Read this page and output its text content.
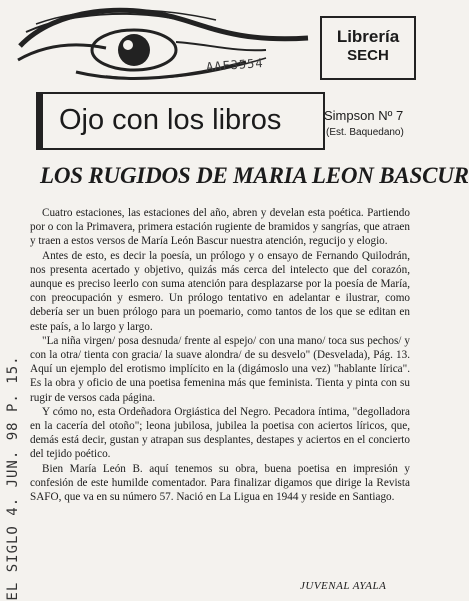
AAF3554
Librería
SECH
Simpson Nº 7
(Est. Baquedano)
Ojo con los libros
LOS RUGIDOS DE MARIA LEON BASCUR

Cuatro estaciones, las estaciones del año, abren y develan esta poética. Partiendo por o con la Primavera, primera estación rugiente de bramidos y sangrías, que atraen y traen a estos versos de María León Bascur nuestra atención, regucijo y elogio.

Antes de esto, es decir la poesía, un prólogo y o ensayo de Fernando Quilodrán, nos presenta acertado y objetivo, quizás más cerca del intelecto que del corazón, aunque es preciso leerlo con suma atención para desplazarse por la poesía de María, con preocupación y esmero. Un prólogo tentativo en adelantar e ilustrar, como debería ser un buen prólogo para un poemario, como tantos de los que se editan en este país, a lo largo y largo.

"La niña virgen/ posa desnuda/ frente al espejo/ con una mano/ toca sus pechos/ y con la otra/ tienta con gracia/ la suave alondra/ de su desvelo" (Desvelada), Pág. 13. Aquí un ejemplo del erotismo implícito en la (digámoslo una vez) "hablante lírica". Es la obra y oficio de una poetisa femenina más que feminista. Tienta y pinta con su rugir de versos cada página.

Y cómo no, esta Ordeñadora Orgiástica del Negro. Pecadora íntima, "degolladora en la cacería del otoño"; leona jubilosa, jubilea la poetisa con aciertos líricos, que, demás está decir, gustan y atrapan sus desplantes, destapes y aciertos en el concierto del tejido poético.

Bien María León B. aquí tenemos su obra, buena poetisa en impresión y confesión de este humilde comentador. Para finalizar digamos que dirige la Revista SAFO, que va en su número 57. Nació en La Ligua en 1944 y reside en Santiago.

JUVENAL AYALA
EL SIGLO 4. JUN. 98 P. 15.
